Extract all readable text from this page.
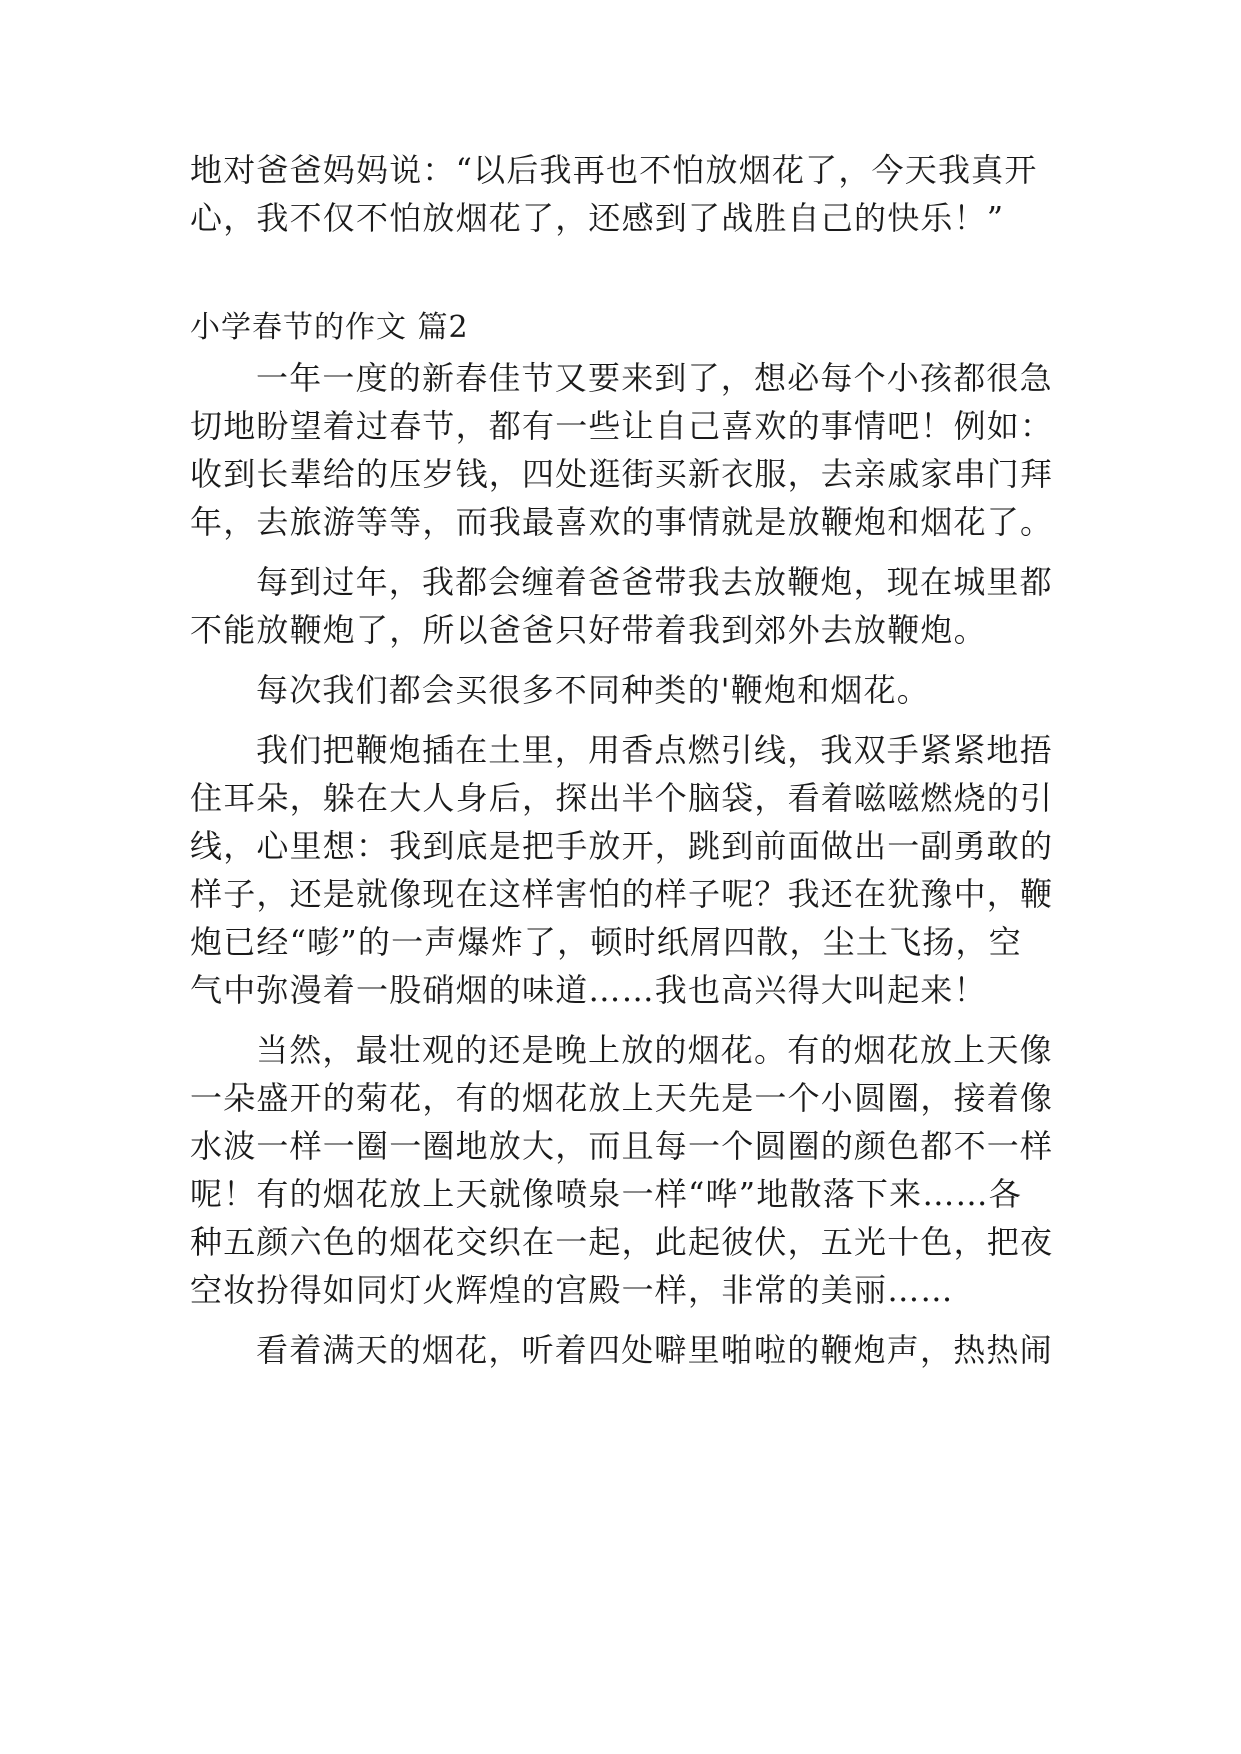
地对爸爸妈妈说：“以后我再也不怕放烟花了，今天我真开
心，我不仅不怕放烟花了，还感到了战胜自己的快乐！”
小学春节的作文 篇2
一年一度的新春佳节又要来到了，想必每个小孩都很急
切地盼望着过春节，都有一些让自己喜欢的事情吧！例如：
收到长辈给的压岁钱，四处逛街买新衣服，去亲戚家串门拜
年，去旅游等等，而我最喜欢的事情就是放鞭炮和烟花了。
每到过年，我都会缠着爸爸带我去放鞭炮，现在城里都
不能放鞭炮了，所以爸爸只好带着我到郊外去放鞭炮。
每次我们都会买很多不同种类的'鞭炮和烟花。
我们把鞭炮插在土里，用香点燃引线，我双手紧紧地捂
住耳朵，躲在大人身后，探出半个脑袋，看着嗞嗞燃烧的引
线，心里想：我到底是把手放开，跳到前面做出一副勇敢的
样子，还是就像现在这样害怕的样子呢？我还在犹豫中，鞭
炮已经“嘭”的一声爆炸了，顿时纸屑四散，尘土飞扬，空
气中弥漫着一股硝烟的味道……我也高兴得大叫起来！
当然，最壮观的还是晚上放的烟花。有的烟花放上天像
一朵盛开的菊花，有的烟花放上天先是一个小圆圈，接着像
水波一样一圈一圈地放大，而且每一个圆圈的颜色都不一样
呢！有的烟花放上天就像喷泉一样“哗”地散落下来……各
种五颜六色的烟花交织在一起，此起彼伏，五光十色，把夜
空妆扮得如同灯火辉煌的宫殿一样，非常的美丽……
看着满天的烟花，听着四处噼里啪啦的鞭炮声，热热闹
